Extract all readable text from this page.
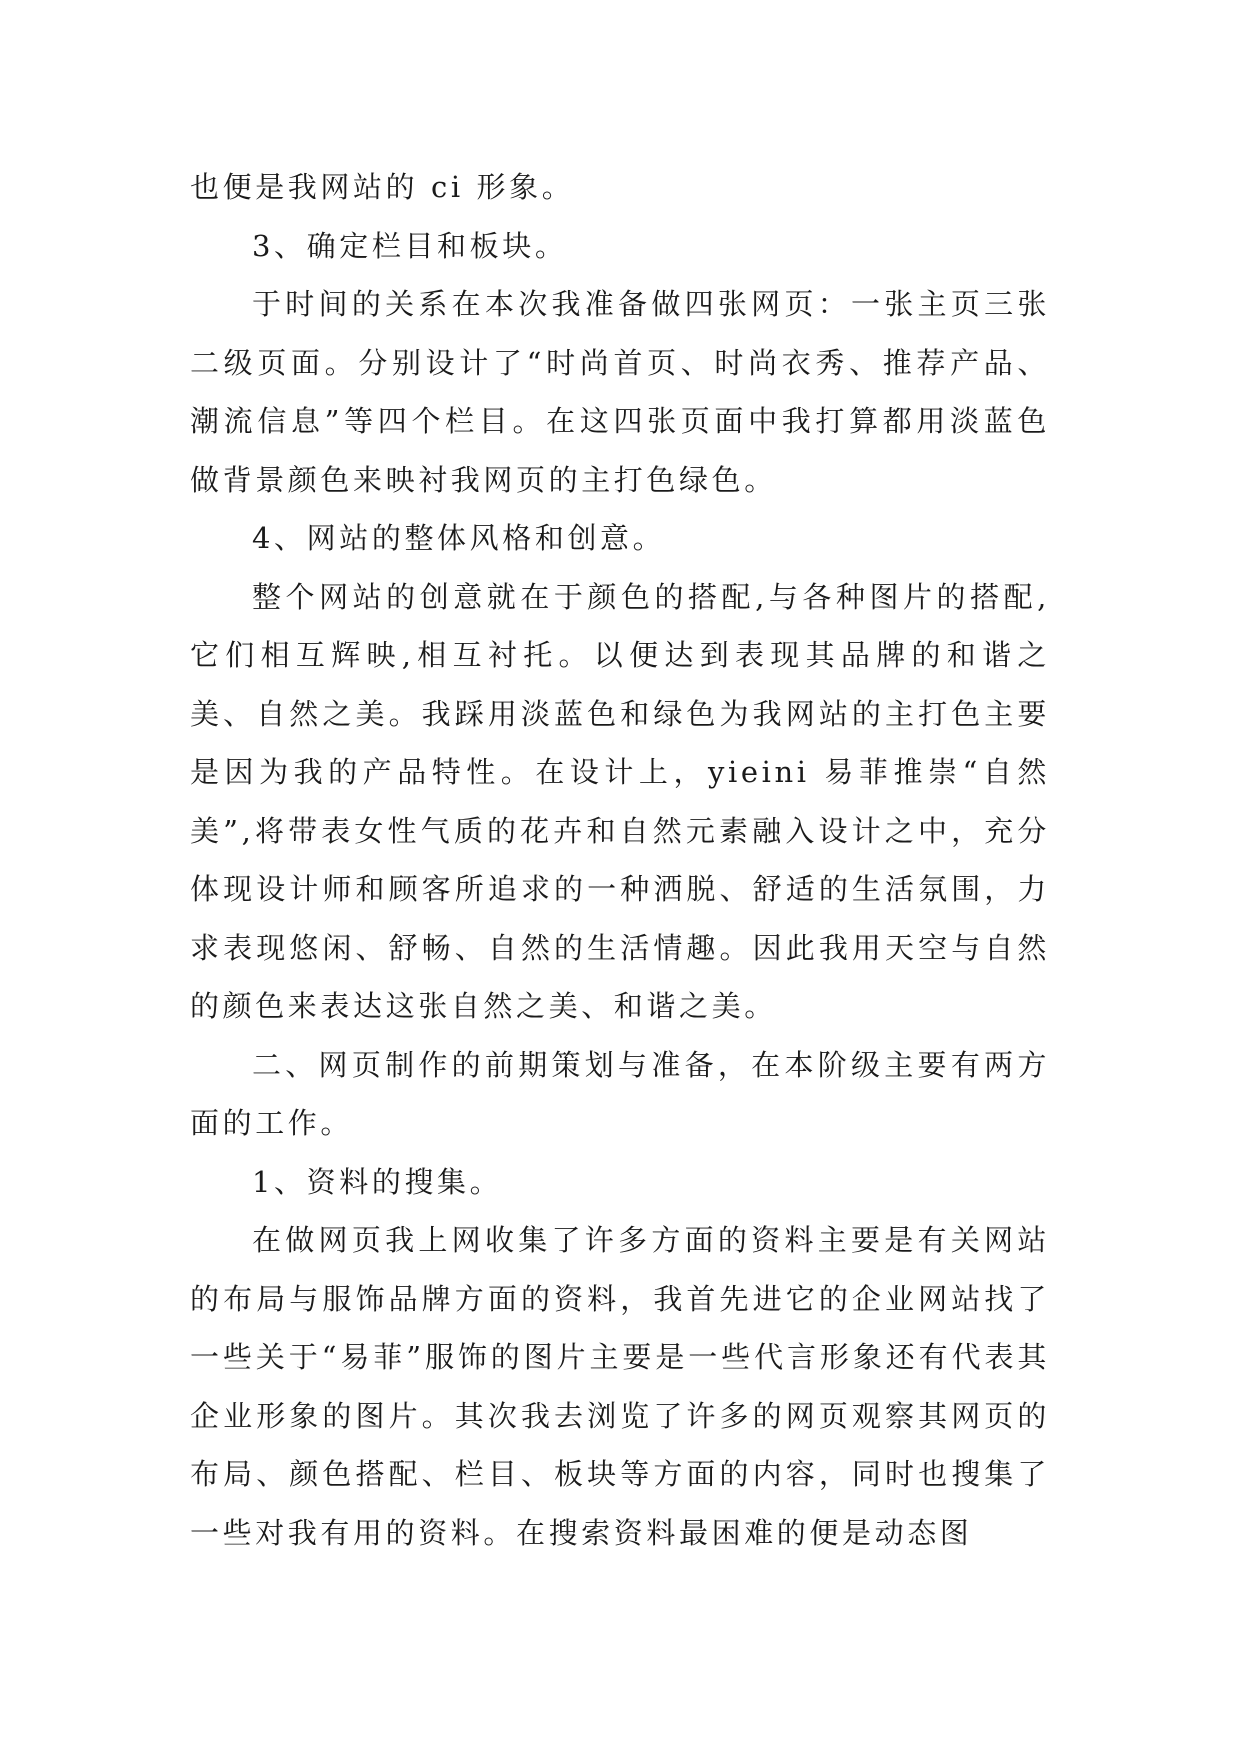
也便是我网站的 ci 形象。

3、确定栏目和板块。

于时间的关系在本次我准备做四张网页：一张主页三张二级页面。分别设计了“时尚首页、时尚衣秀、推荐产品、潮流信息”等四个栏目。在这四张页面中我打算都用淡蓝色做背景颜色来映衬我网页的主打色绿色。

4、网站的整体风格和创意。

整个网站的创意就在于颜色的搭配,与各种图片的搭配,它们相互辉映,相互衬托。以便达到表现其品牌的和谐之美、自然之美。我踩用淡蓝色和绿色为我网站的主打色主要是因为我的产品特性。在设计上，yieini 易菲推崇“自然美”,将带表女性气质的花卉和自然元素融入设计之中，充分体现设计师和顾客所追求的一种洒脱、舒适的生活氛围，力求表现悠闲、舒畅、自然的生活情趣。因此我用天空与自然的颜色来表达这张自然之美、和谐之美。

二、网页制作的前期策划与准备，在本阶级主要有两方面的工作。

1、资料的搜集。

在做网页我上网收集了许多方面的资料主要是有关网站的布局与服饰品牌方面的资料，我首先进它的企业网站找了一些关于“易菲”服饰的图片主要是一些代言形象还有代表其企业形象的图片。其次我去浏览了许多的网页观察其网页的布局、颜色搭配、栏目、板块等方面的内容，同时也搜集了一些对我有用的资料。在搜索资料最困难的便是动态图
